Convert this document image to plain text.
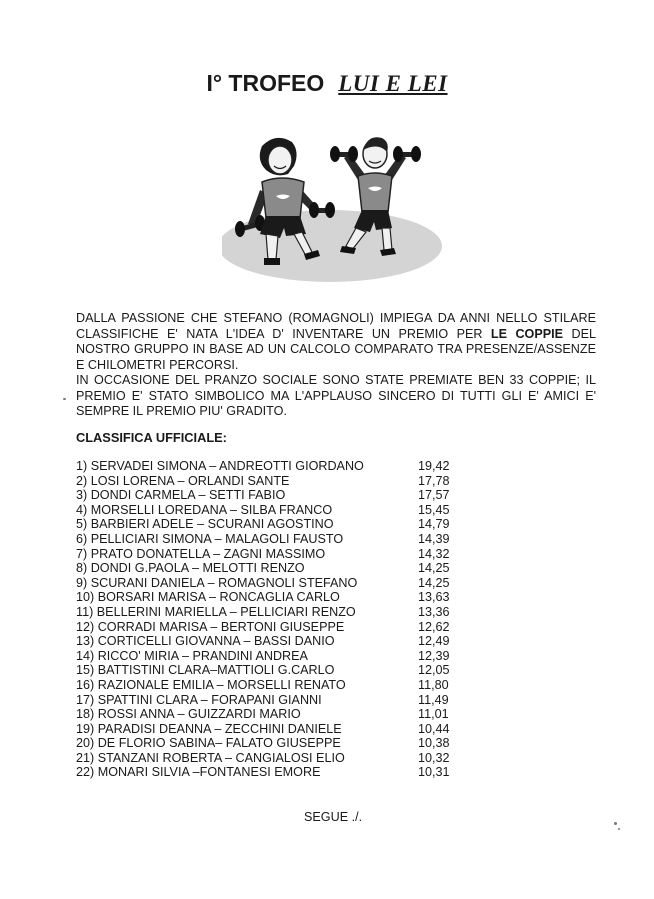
I° TROFEO LUI E LEI

DALLA PASSIONE CHE STEFANO (ROMAGNOLI) IMPIEGA DA ANNI NELLO STILARE CLASSIFICHE E' NATA L'IDEA D' INVENTARE UN PREMIO PER LE COPPIE DEL NOSTRO GRUPPO IN BASE AD UN CALCOLO COMPARATO TRA PRESENZE/ASSENZE E CHILOMETRI PERCORSI.

IN OCCASIONE DEL PRANZO SOCIALE SONO STATE PREMIATE BEN 33 COPPIE; IL PREMIO E' STATO SIMBOLICO MA L'APPLAUSO SINCERO DI TUTTI GLI E' AMICI E' SEMPRE IL PREMIO PIU' GRADITO.

CLASSIFICA UFFICIALE:
1) SERVADEI SIMONA – ANDREOTTI GIORDANO	19,42
2) LOSI LORENA – ORLANDI SANTE	17,78
3) DONDI CARMELA – SETTI FABIO	17,57
4) MORSELLI LOREDANA – SILBA FRANCO	15,45
5) BARBIERI ADELE – SCURANI AGOSTINO	14,79
6) PELLICIARI SIMONA – MALAGOLI FAUSTO	14,39
7) PRATO DONATELLA – ZAGNI MASSIMO	14,32
8) DONDI G.PAOLA – MELOTTI RENZO	14,25
9) SCURANI DANIELA – ROMAGNOLI STEFANO	14,25
10) BORSARI MARISA – RONCAGLIA CARLO	13,63
11) BELLERINI MARIELLA – PELLICIARI RENZO	13,36
12) CORRADI MARISA – BERTONI GIUSEPPE	12,62
13) CORTICELLI GIOVANNA – BASSI DANIO	12,49
14) RICCO' MIRIA – PRANDINI ANDREA	12,39
15) BATTISTINI CLARA–MATTIOLI G.CARLO	12,05
16) RAZIONALE EMILIA – MORSELLI RENATO	11,80
17) SPATTINI CLARA – FORAPANI GIANNI	11,49
18) ROSSI ANNA – GUIZZARDI MARIO	11,01
19) PARADISI DEANNA – ZECCHINI DANIELE	10,44
20) DE FLORIO SABINA– FALATO GIUSEPPE	10,38
21) STANZANI ROBERTA – CANGIALOSI ELIO	10,32
22) MONARI SILVIA –FONTANESI EMORE	10,31
SEGUE ./.
